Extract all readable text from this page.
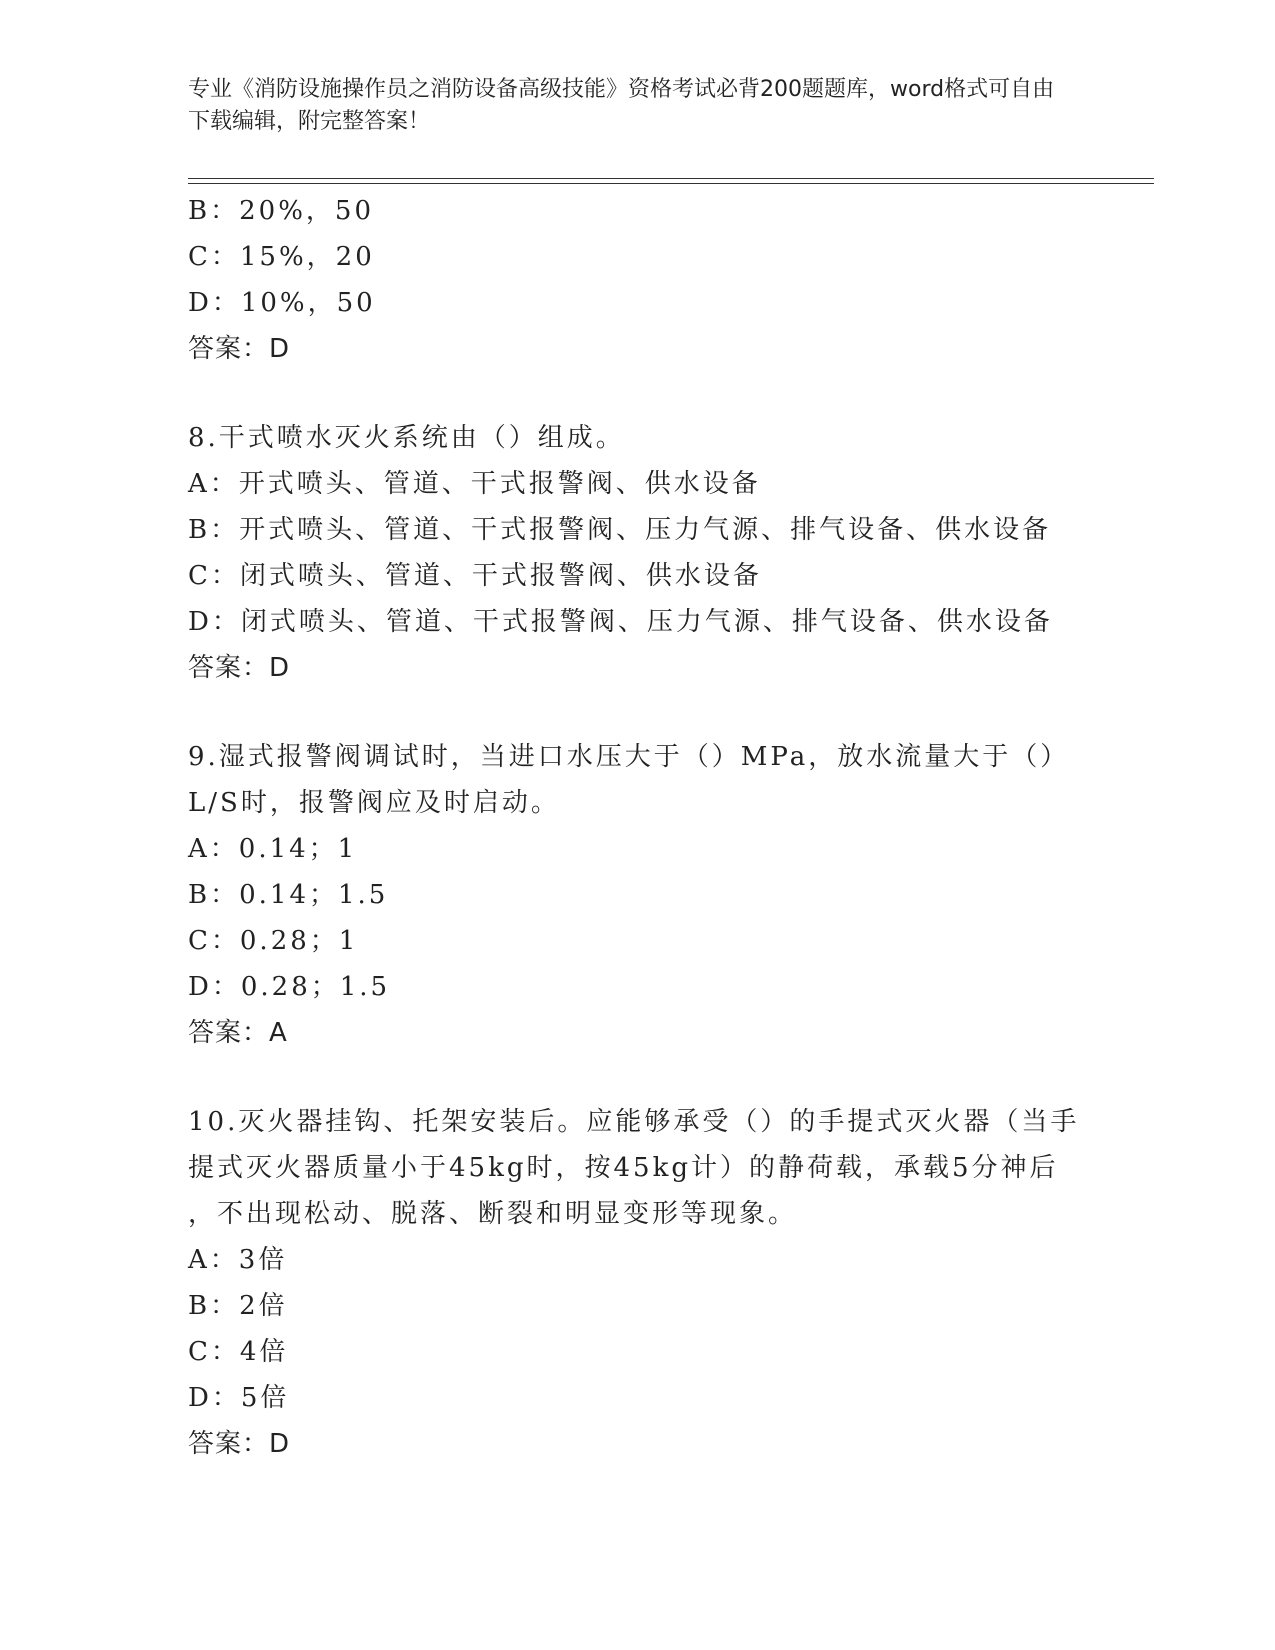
专业《消防设施操作员之消防设备高级技能》资格考试必背200题题库，word格式可自由下载编辑，附完整答案！
B：20%，50
C：15%，20
D：10%，50
答案：D
8.干式喷水灭火系统由（）组成。
A：开式喷头、管道、干式报警阀、供水设备
B：开式喷头、管道、干式报警阀、压力气源、排气设备、供水设备
C：闭式喷头、管道、干式报警阀、供水设备
D：闭式喷头、管道、干式报警阀、压力气源、排气设备、供水设备
答案：D
9.湿式报警阀调试时，当进口水压大于（）MPa，放水流量大于（）
L/S时，报警阀应及时启动。
A：0.14；1
B：0.14；1.5
C：0.28；1
D：0.28；1.5
答案：A
10.灭火器挂钩、托架安装后。应能够承受（）的手提式灭火器（当手
提式灭火器质量小于45kg时，按45kg计）的静荷载，承载5分神后
，不出现松动、脱落、断裂和明显变形等现象。
A：3倍
B：2倍
C：4倍
D：5倍
答案：D
